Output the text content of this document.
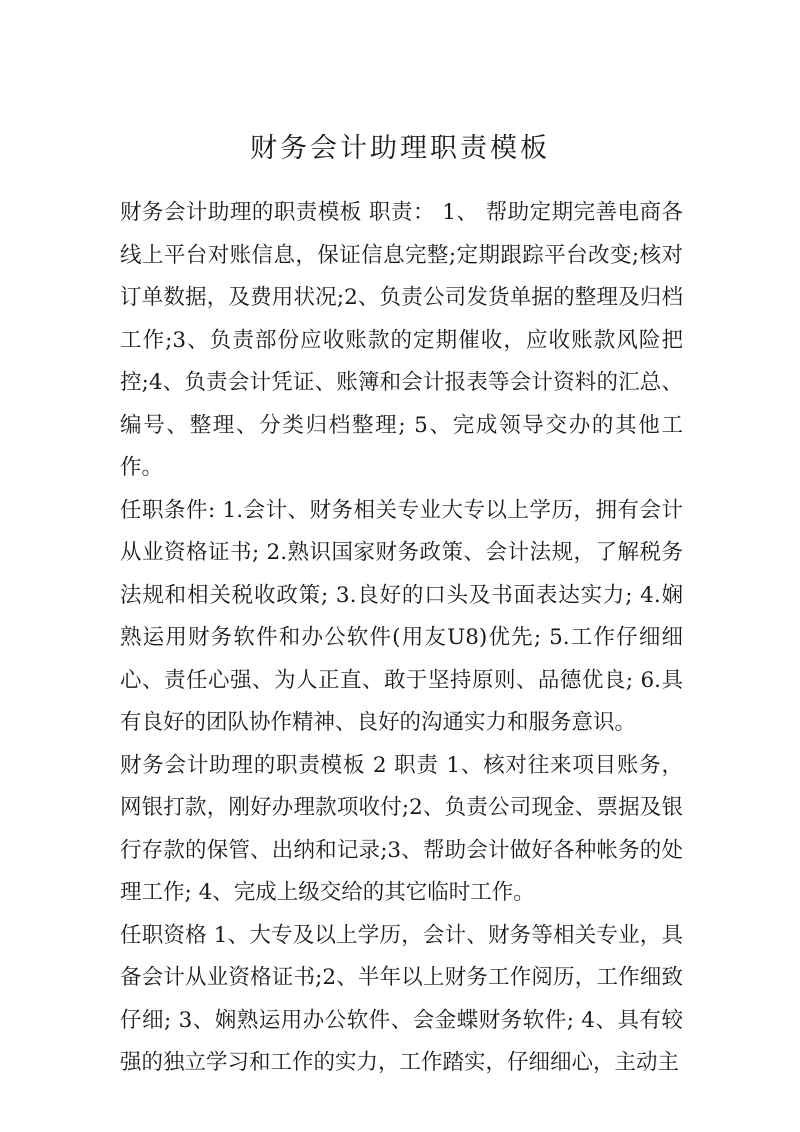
财务会计助理职责模板

财务会计助理的职责模板 职责： 1、 帮助定期完善电商各线上平台对账信息，保证信息完整;定期跟踪平台改变;核对订单数据，及费用状况;2、负责公司发货单据的整理及归档工作;3、负责部份应收账款的定期催收，应收账款风险把控;4、负责会计凭证、账簿和会计报表等会计资料的汇总、编号、整理、分类归档整理; 5、完成领导交办的其他工作。

任职条件: 1.会计、财务相关专业大专以上学历，拥有会计从业资格证书; 2.熟识国家财务政策、会计法规，了解税务法规和相关税收政策; 3.良好的口头及书面表达实力; 4.娴熟运用财务软件和办公软件(用友U8)优先; 5.工作仔细细心、责任心强、为人正直、敢于坚持原则、品德优良; 6.具有良好的团队协作精神、良好的沟通实力和服务意识。

财务会计助理的职责模板 2 职责 1、核对往来项目账务，网银打款，刚好办理款项收付;2、负责公司现金、票据及银行存款的保管、出纳和记录;3、帮助会计做好各种帐务的处理工作; 4、完成上级交给的其它临时工作。

任职资格 1、大专及以上学历，会计、财务等相关专业，具备会计从业资格证书;2、半年以上财务工作阅历，工作细致仔细; 3、娴熟运用办公软件、会金蝶财务软件; 4、具有较强的独立学习和工作的实力，工作踏实，仔细细心，主动主
